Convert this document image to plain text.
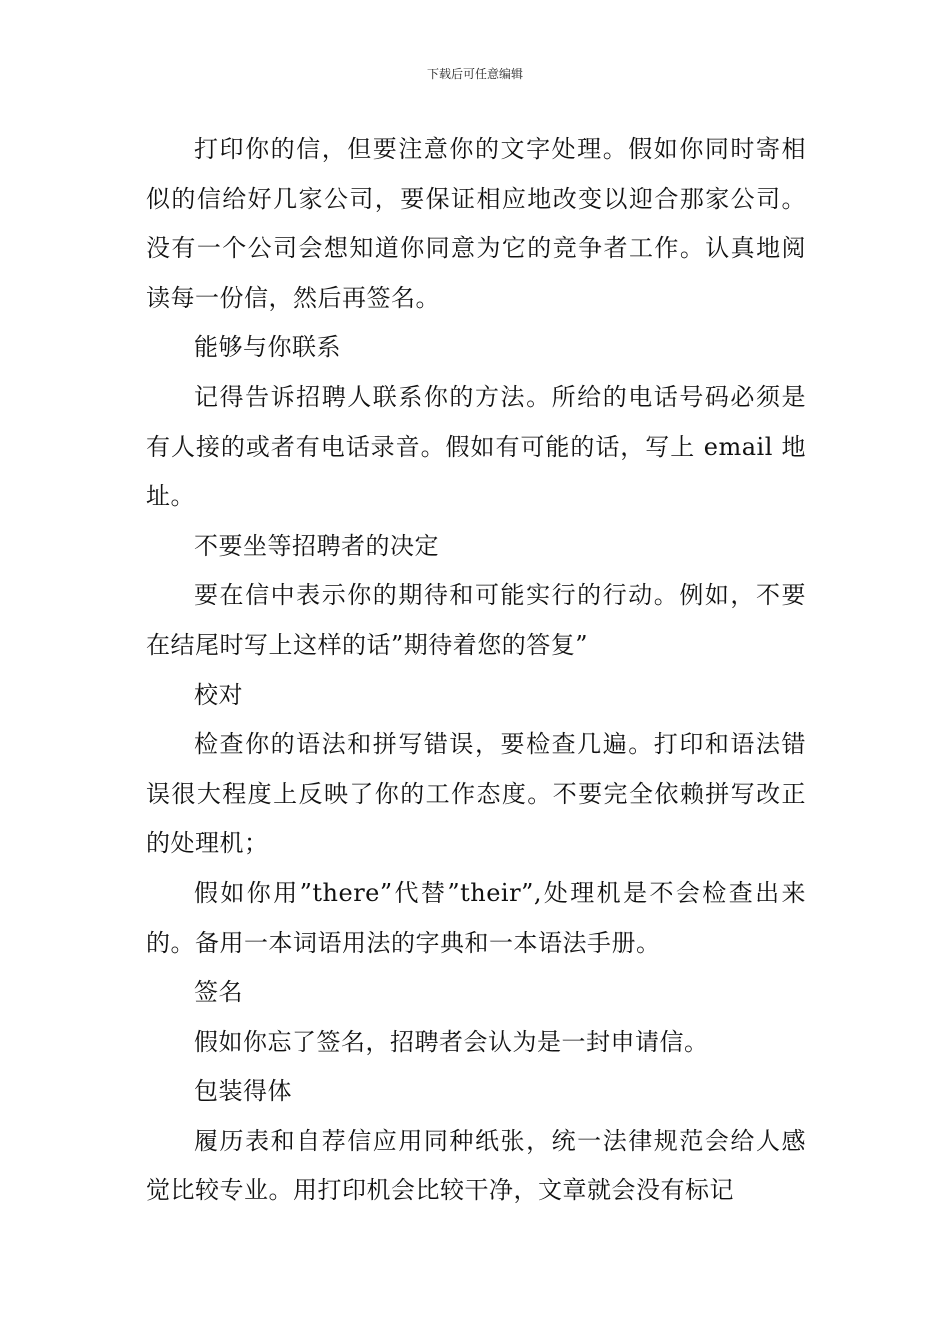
下载后可任意编辑

打印你的信，但要注意你的文字处理。假如你同时寄相似的信给好几家公司，要保证相应地改变以迎合那家公司。没有一个公司会想知道你同意为它的竞争者工作。认真地阅读每一份信，然后再签名。

能够与你联系

记得告诉招聘人联系你的方法。所给的电话号码必须是有人接的或者有电话录音。假如有可能的话，写上 email 地址。

不要坐等招聘者的决定

要在信中表示你的期待和可能实行的行动。例如，不要在结尾时写上这样的话”期待着您的答复”

校对

检查你的语法和拼写错误，要检查几遍。打印和语法错误很大程度上反映了你的工作态度。不要完全依赖拼写改正的处理机；

假如你用”there”代替”their”,处理机是不会检查出来的。备用一本词语用法的字典和一本语法手册。

签名

假如你忘了签名，招聘者会认为是一封申请信。

包装得体

履历表和自荐信应用同种纸张，统一法律规范会给人感觉比较专业。用打印机会比较干净，文章就会没有标记
